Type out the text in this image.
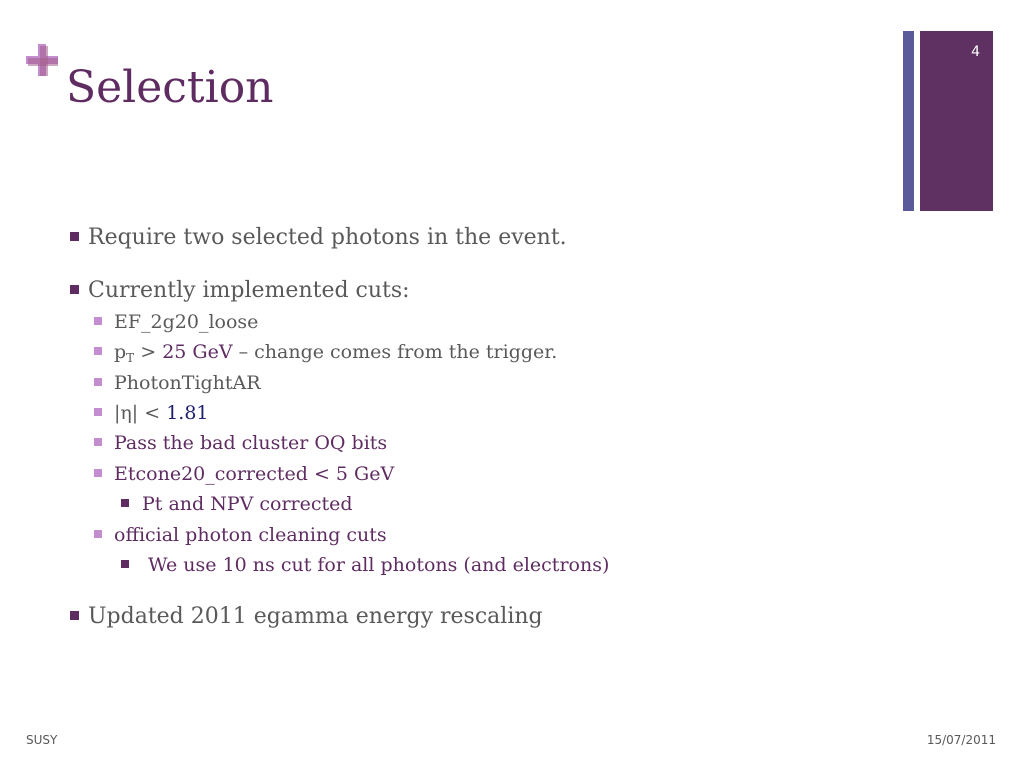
Selection
4
Require two selected photons in the event.
Currently implemented cuts:
EF_2g20_loose
$p_T > 25$ GeV – change comes from the trigger.
PhotonTightAR
|η| < 1.81
Pass the bad cluster OQ bits
Etcone20_corrected < 5 GeV
Pt and NPV corrected
official photon cleaning cuts
We use 10 ns cut for all photons (and electrons)
Updated 2011 egamma energy rescaling
SUSY	15/07/2011
